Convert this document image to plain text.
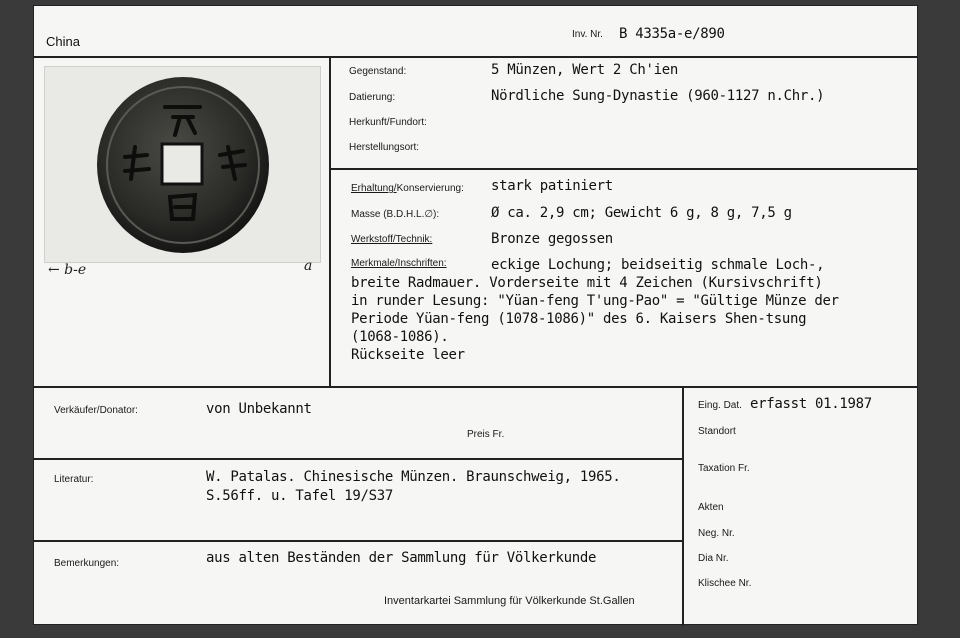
China	Inv. Nr. B 4335a-e/890
← b-e	a
Gegenstand:	5 Münzen, Wert 2 Ch'ien
Datierung:	Nördliche Sung-Dynastie (960-1127 n.Chr.)
Herkunft/Fundort:
Herstellungsort:
Erhaltung/Konservierung: stark patiniert
Masse (B.D.H.L.∅):	Ø ca. 2,9 cm; Gewicht 6 g, 8 g, 7,5 g
Werkstoff/Technik:	Bronze gegossen
Merkmale/Inschriften:	eckige Lochung; beidseitig schmale Loch-,
breite Radmauer. Vorderseite mit 4 Zeichen (Kursivschrift)
in runder Lesung: "Yüan-feng T'ung-Pao" = "Gültige Münze der
Periode Yüan-feng (1078-1086)" des 6. Kaisers Shen-tsung
(1068-1086).
Rückseite leer
Verkäufer/Donator:	von Unbekannt
Preis Fr.
Literatur:	W. Patalas. Chinesische Münzen. Braunschweig, 1965.
S.56ff. u. Tafel 19/S37
Bemerkungen:	aus alten Beständen der Sammlung für Völkerkunde
Inventarkartei Sammlung für Völkerkunde St.Gallen
Eing. Dat. erfasst 01.1987
Standort
Taxation Fr.
Akten
Neg. Nr.
Dia Nr.
Klischee Nr.
